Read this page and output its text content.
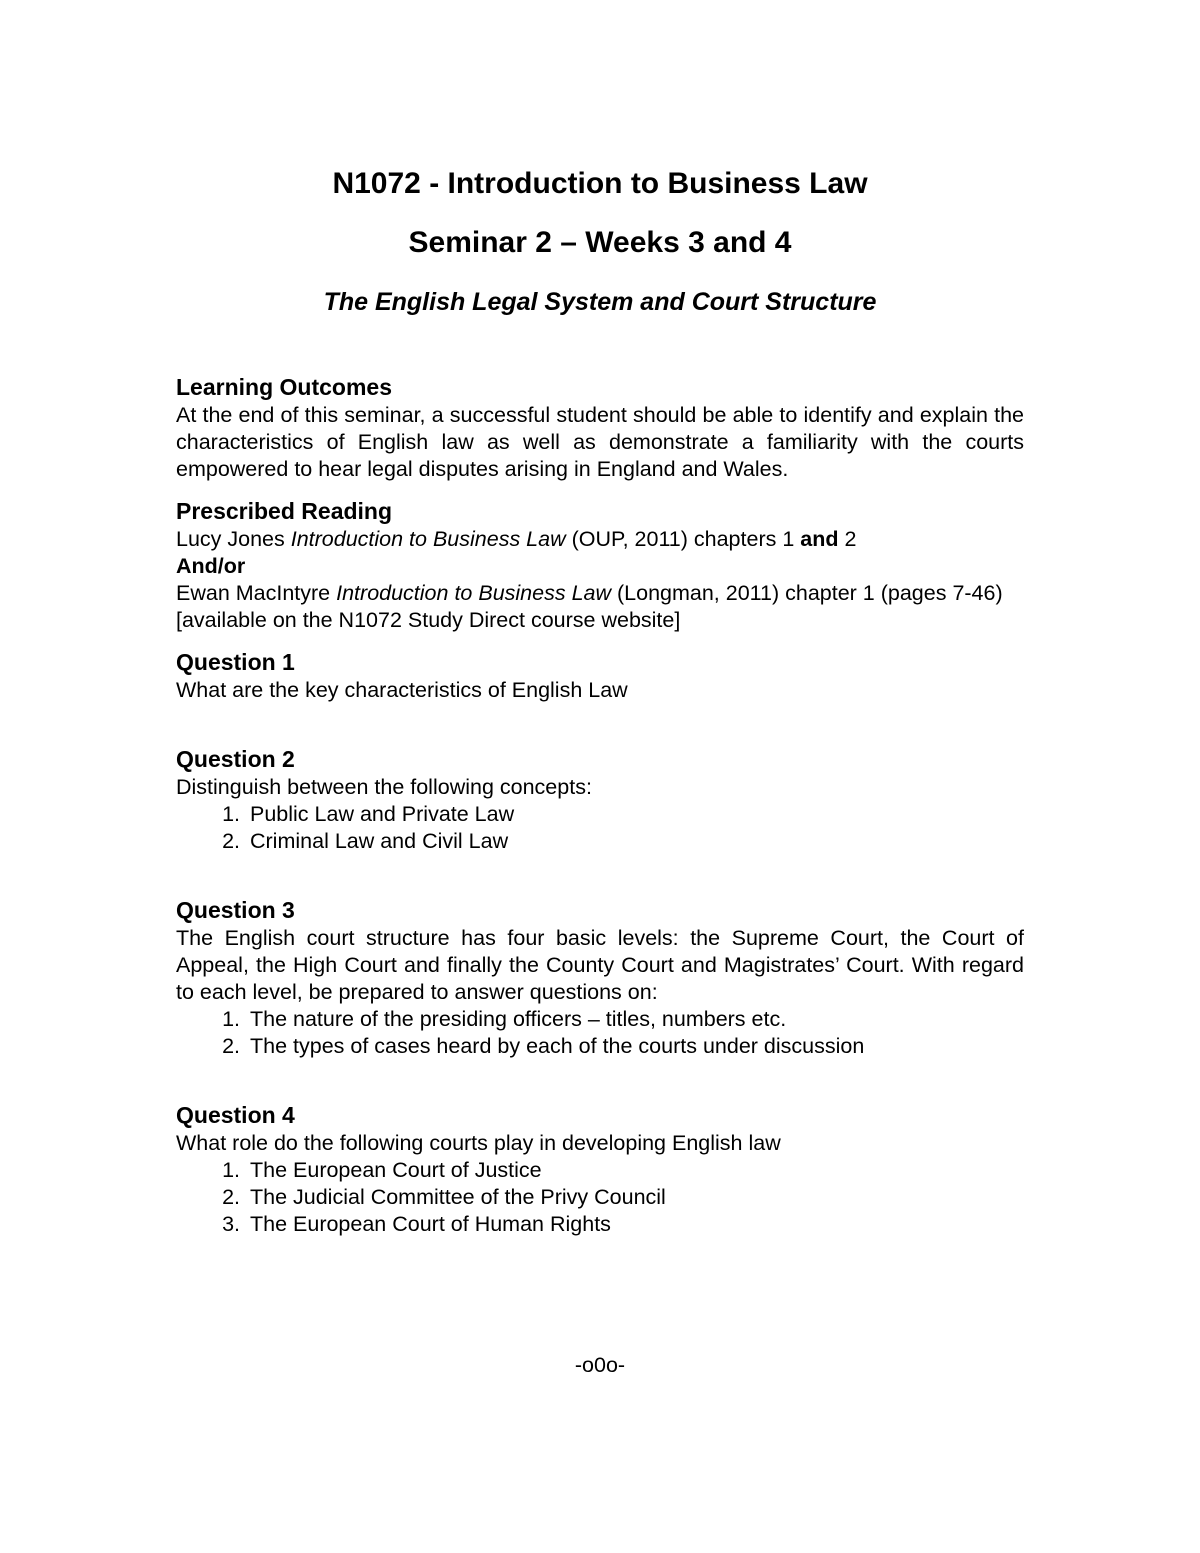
N1072 - Introduction to Business Law
Seminar 2 – Weeks 3 and 4
The English Legal System and Court Structure

Learning Outcomes

At the end of this seminar, a successful student should be able to identify and explain the characteristics of English law as well as demonstrate a familiarity with the courts empowered to hear legal disputes arising in England and Wales.

Prescribed Reading

Lucy Jones Introduction to Business Law (OUP, 2011) chapters 1 and 2

And/or

Ewan MacIntyre Introduction to Business Law (Longman, 2011) chapter 1 (pages 7-46) [available on the N1072 Study Direct course website]

Question 1

What are the key characteristics of English Law

Question 2

Distinguish between the following concepts:

1. Public Law and Private Law
2. Criminal Law and Civil Law

Question 3

The English court structure has four basic levels: the Supreme Court, the Court of Appeal, the High Court and finally the County Court and Magistrates’ Court. With regard to each level, be prepared to answer questions on:

1. The nature of the presiding officers – titles, numbers etc.
2. The types of cases heard by each of the courts under discussion

Question 4

What role do the following courts play in developing English law

1. The European Court of Justice
2. The Judicial Committee of the Privy Council
3. The European Court of Human Rights
-o0o-
